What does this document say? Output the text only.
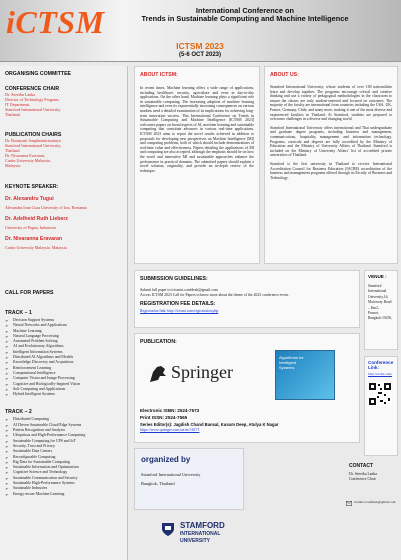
iCTSM	International Conference on
Trends in Sustainable Computing and Machine Intelligence
ICTSM 2023
(5-6 OCT 2023)
ORGANISING COMMITTEE
CONFERENCE CHAIR
Dr. Seeeika Lanka
Director of Technology Program,
IT Department,
Stamford International University
Thailand.
PUBLICATION CHAIRS
Dr. Boonyarit Sanpharintrarattaya
Stamford International University,
Thailand
Dr. Nivaranna Eravaran,
Curtin University Malaysia,
Malaysia.
KEYNOTE SPEAKER:
Dr. Alexandru Tugui
Alexandru Ioan Cuza University of Iasi, Romania
Dr. Adelheid Ruth Lieberz
University of Papua, Indonesia
Dr. Nivaranna Eravaran
Curtin University Malaysia, Malaysia
CALL FOR PAPERS
TRACK – 1
➢ Decision Support Systems
➢ Neural Networks and Applications
➢ Machine Learning
➢ Natural Language Processing
➢ Automated Problem Solving
➢ AI and Evolutionary Algorithms
➢ Intelligent Information Systems
➢ Distributed AI Algorithms and Models
➢ Knowledge Discovery and Acquisition
➢ Reinforcement Learning
➢ Computational Intelligence
➢ Computer Vision and Image Processing
➢ Cognitive and Biologically-Inspired Vision
➢ Soft Computing and Applications
➢ Hybrid Intelligent Systems
TRACK – 2
➢ Distributed Computing
➢ AI Driven Sustainable Cloud/Edge Systems
➢ Pattern Recognition and Analysis
➢ Ubiquitous and High-Performance Computing
➢ Sustainable Computing for CPS and IoT
➢ Security, Trust and Privacy
➢ Sustainable Data Centers
➢ Reconfigurable Computing
➢ Big Data for Sustainable Computing
➢ Sustainable Information and Optimization
➢ Cognitive Science and Technology
➢ Sustainable Communication and Security
➢ Sustainable High-Performance Systems
➢ Sustainable Industries
➢ Energy-aware Machine Learning
ABOUT ICTSM:
In recent times, Machine learning offers a wide range of applications, including healthcare, security, agriculture and even in day-to-day applications. On the other hand, Machine learning plays a significant role in sustainable computing. The increasing adoption of machine learning intelligence and even its exponentially increasing consequences on various markets need a detailed examination of its implications for achieving long-term innovation success. This International Conference on Trends in Sustainable Computing and Machine Intelligence [ICTSM 2023] welcomes papers on broad aspects of AI, machine learning and sustainable computing that constitute advances in various real-time applications. ICTSM 2023 aims to report the novel results achieved in addition to proposals for developing new perspectives on Machine Intelligence [MI] and computing problems, both of which should include demonstrations of real-time value and effectiveness. Papers detailing the applications of MI and computing are also accepted, although the emphasis should be on how the novel and innovative MI and sustainable approaches enhance the performance in practical domains. The submitted papers should explain a novel solution, originality, and provide an in-depth review of the technique.
ABOUT US:
Stamford International University, whose students of over 100 nationalities learn and develop together. The programs encourage critical and creative thinking and use a variety of pedagogical methodologies in the classroom to ensure the classes are truly student-centered and focused on outcomes. The majority of the faculty are international from countries including the USA, UK, France, Germany, Chile, and many more, making it one of the most diverse and experienced faculties in Thailand. At Stamford, students are prepared to overcome challenges in a diverse and changing world.
Stamford International University offers international and Thai undergraduate and graduate degree programs, including business and management, communications, hospitality management and information technology. Programs, curricula and degrees are fully accredited by the Ministry of Education and the Ministry of University Affairs of Thailand. Stamford is included on the Ministry of University Affairs' list of accredited private universities of Thailand.
Stamford is the first university in Thailand to receive International Accreditation Council for Business Education (IACBE) accreditation of the business and management programs offered through its Faculty of Business and Technology.
SUBMISSION GUIDELINES:
Submit full paper to ictsmict.confdesk@gmail.com
Access ICTSM 2023 Call for Papers to know more about the theme of the 2023 conference event.
REGISTRATION FEE DETAILS:
Registration link: http://ictsmt.com/registration.php
PUBLICATION:
Springer
Algorithms for
Intelligent
Systems
Electronic ISBN: 2524-7573
Print ISSN: 2524-7565
Series Editor(s): Jagdish Chand Bansal, Kusum Deep, Atulya K Nagar
https://www.springer.com/series/16171
organized by
Stamford International University
Bangkok, Thailand
STAMFORD
INTERNATIONAL
UNIVERSITY
VENUE :
Stamford International
University,16,
Motorway Road – Km2,
Prawet,
Bangkok-10250,
Conference Link:
http://ictsmt.com/
CONTACT
Dr. Seeeika Lanka
Conference Chair
ictsmict.confdesk@gmail.com
